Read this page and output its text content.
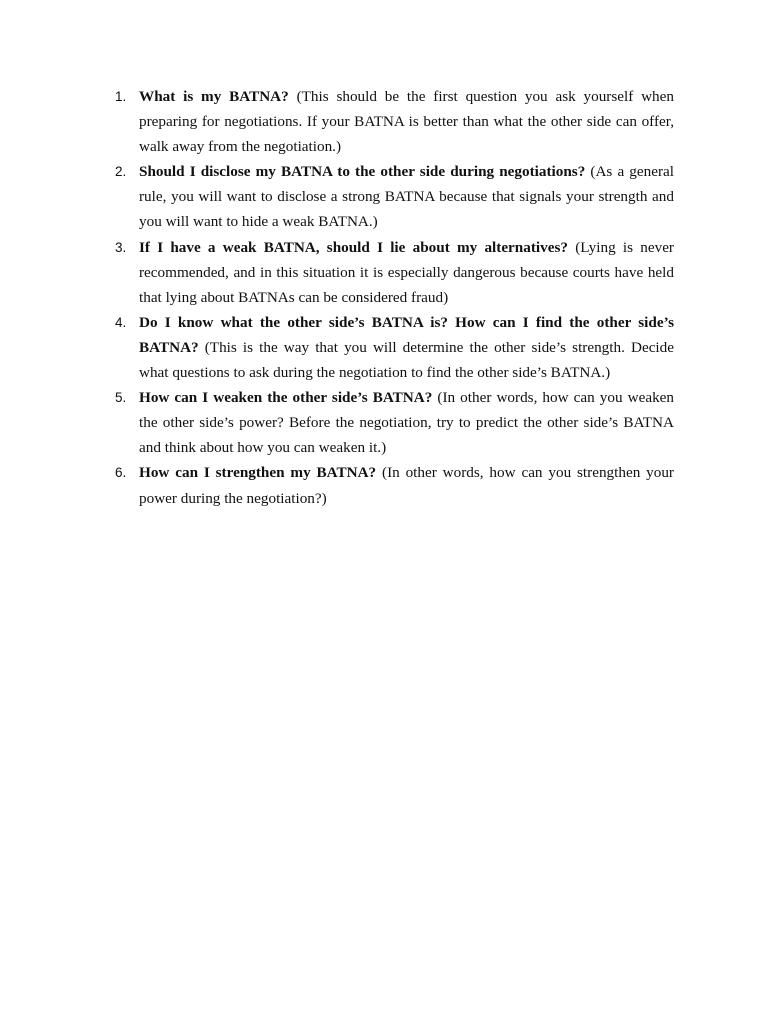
1. What is my BATNA? (This should be the first question you ask yourself when preparing for negotiations. If your BATNA is better than what the other side can offer, walk away from the negotiation.)
2. Should I disclose my BATNA to the other side during negotiations? (As a general rule, you will want to disclose a strong BATNA because that signals your strength and you will want to hide a weak BATNA.)
3. If I have a weak BATNA, should I lie about my alternatives? (Lying is never recommended, and in this situation it is especially dangerous because courts have held that lying about BATNAs can be considered fraud)
4. Do I know what the other side’s BATNA is? How can I find the other side’s BATNA? (This is the way that you will determine the other side’s strength. Decide what questions to ask during the negotiation to find the other side’s BATNA.)
5. How can I weaken the other side’s BATNA? (In other words, how can you weaken the other side’s power? Before the negotiation, try to predict the other side’s BATNA and think about how you can weaken it.)
6. How can I strengthen my BATNA? (In other words, how can you strengthen your power during the negotiation?)
